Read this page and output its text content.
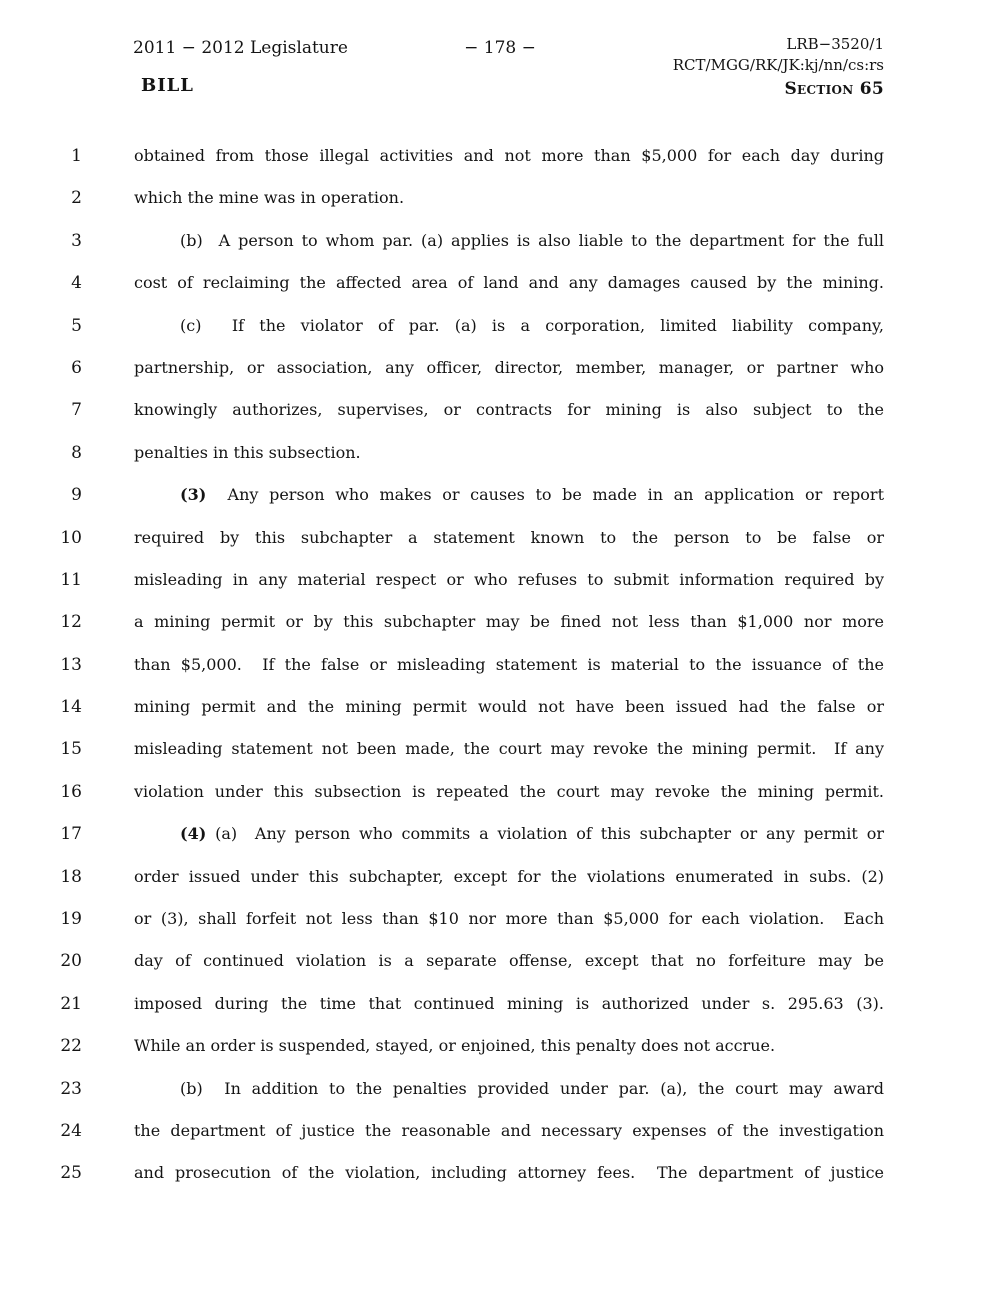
2011 − 2012 Legislature
BILL
− 178 −	LRB−3520/1
RCT/MGG/RK/JK:kj/nn/cs:rs
Section 65
1	obtained from those illegal activities and not more than $5,000 for each day during
2	which the mine was in operation.
3	(b)  A person to whom par. (a) applies is also liable to the department for the full
4	cost of reclaiming the affected area of land and any damages caused by the mining.
5	(c)  If the violator of par. (a) is a corporation, limited liability company,
6	partnership, or association, any officer, director, member, manager, or partner who
7	knowingly authorizes, supervises, or contracts for mining is also subject to the
8	penalties in this subsection.
9	(3)  Any person who makes or causes to be made in an application or report
10	required by this subchapter a statement known to the person to be false or
11	misleading in any material respect or who refuses to submit information required by
12	a mining permit or by this subchapter may be fined not less than $1,000 nor more
13	than $5,000.  If the false or misleading statement is material to the issuance of the
14	mining permit and the mining permit would not have been issued had the false or
15	misleading statement not been made, the court may revoke the mining permit.  If any
16	violation under this subsection is repeated the court may revoke the mining permit.
17	(4) (a)  Any person who commits a violation of this subchapter or any permit or
18	order issued under this subchapter, except for the violations enumerated in subs. (2)
19	or (3), shall forfeit not less than $10 nor more than $5,000 for each violation.  Each
20	day of continued violation is a separate offense, except that no forfeiture may be
21	imposed during the time that continued mining is authorized under s. 295.63 (3).
22	While an order is suspended, stayed, or enjoined, this penalty does not accrue.
23	(b)  In addition to the penalties provided under par. (a), the court may award
24	the department of justice the reasonable and necessary expenses of the investigation
25	and prosecution of the violation, including attorney fees.  The department of justice
